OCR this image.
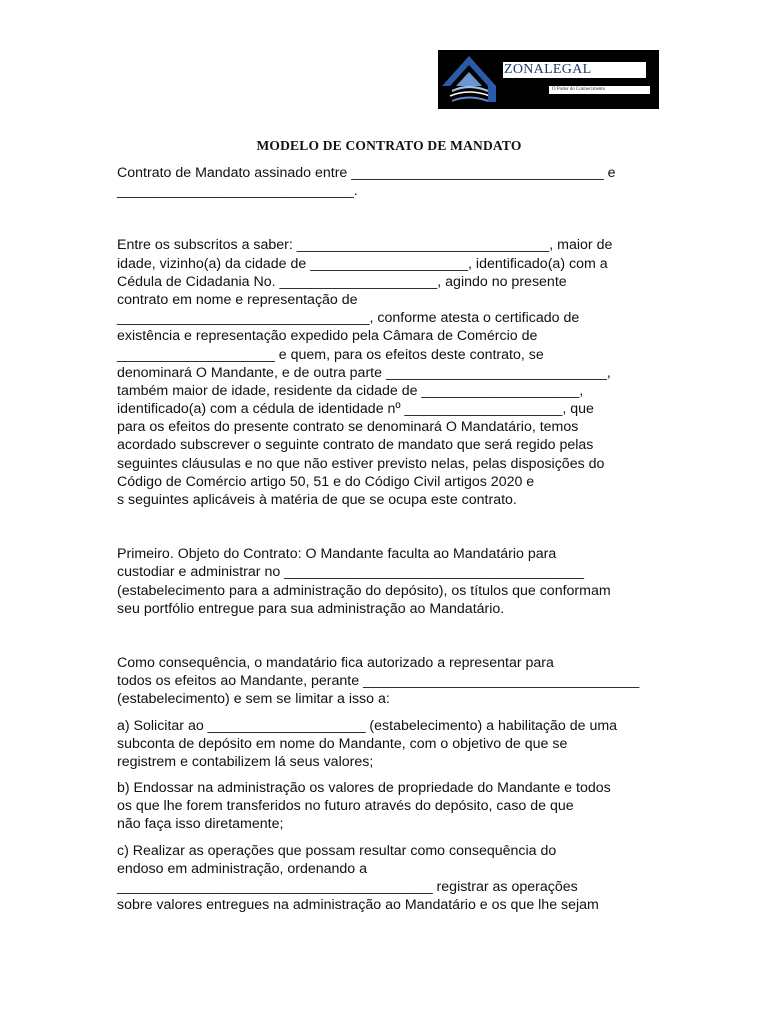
ZONALEGAL
O Poder do Conhecimento
MODELO DE CONTRATO DE MANDATO
Contrato de Mandato assinado entre ________________________________ e
______________________________.
Entre os subscritos a saber: ________________________________, maior de
idade, vizinho(a) da cidade de ____________________, identificado(a) com a
Cédula de Cidadania No. ____________________, agindo no presente
contrato em nome e representação de
________________________________, conforme atesta o certificado de
existência e representação expedido pela Câmara de Comércio de
____________________ e quem, para os efeitos deste contrato, se
denominará O Mandante, e de outra parte ____________________________,
também maior de idade, residente da cidade de ____________________,
identificado(a) com a cédula de identidade nº ____________________, que
para os efeitos do presente contrato se denominará O Mandatário, temos
acordado subscrever o seguinte contrato de mandato que será regido pelas
seguintes cláusulas e no que não estiver previsto nelas, pelas disposições do
Código de Comércio artigo 50, 51 e do Código Civil artigos 2020 e
s seguintes aplicáveis à matéria de que se ocupa este contrato.
Primeiro. Objeto do Contrato: O Mandante faculta ao Mandatário para
custodiar e administrar no ______________________________________
(estabelecimento para a administração do depósito), os títulos que conformam
seu portfólio entregue para sua administração ao Mandatário.
Como consequência, o mandatário fica autorizado a representar para
todos os efeitos ao Mandante, perante ___________________________________
(estabelecimento) e sem se limitar a isso a:
a) Solicitar ao ____________________ (estabelecimento) a habilitação de uma
subconta de depósito em nome do Mandante, com o objetivo de que se
registrem e contabilizem lá seus valores;
b) Endossar na administração os valores de propriedade do Mandante e todos
os que lhe forem transferidos no futuro através do depósito, caso de que
não faça isso diretamente;
c) Realizar as operações que possam resultar como consequência do
endoso em administração, ordenando a
________________________________________ registrar as operações
sobre valores entregues na administração ao Mandatário e os que lhe sejam
